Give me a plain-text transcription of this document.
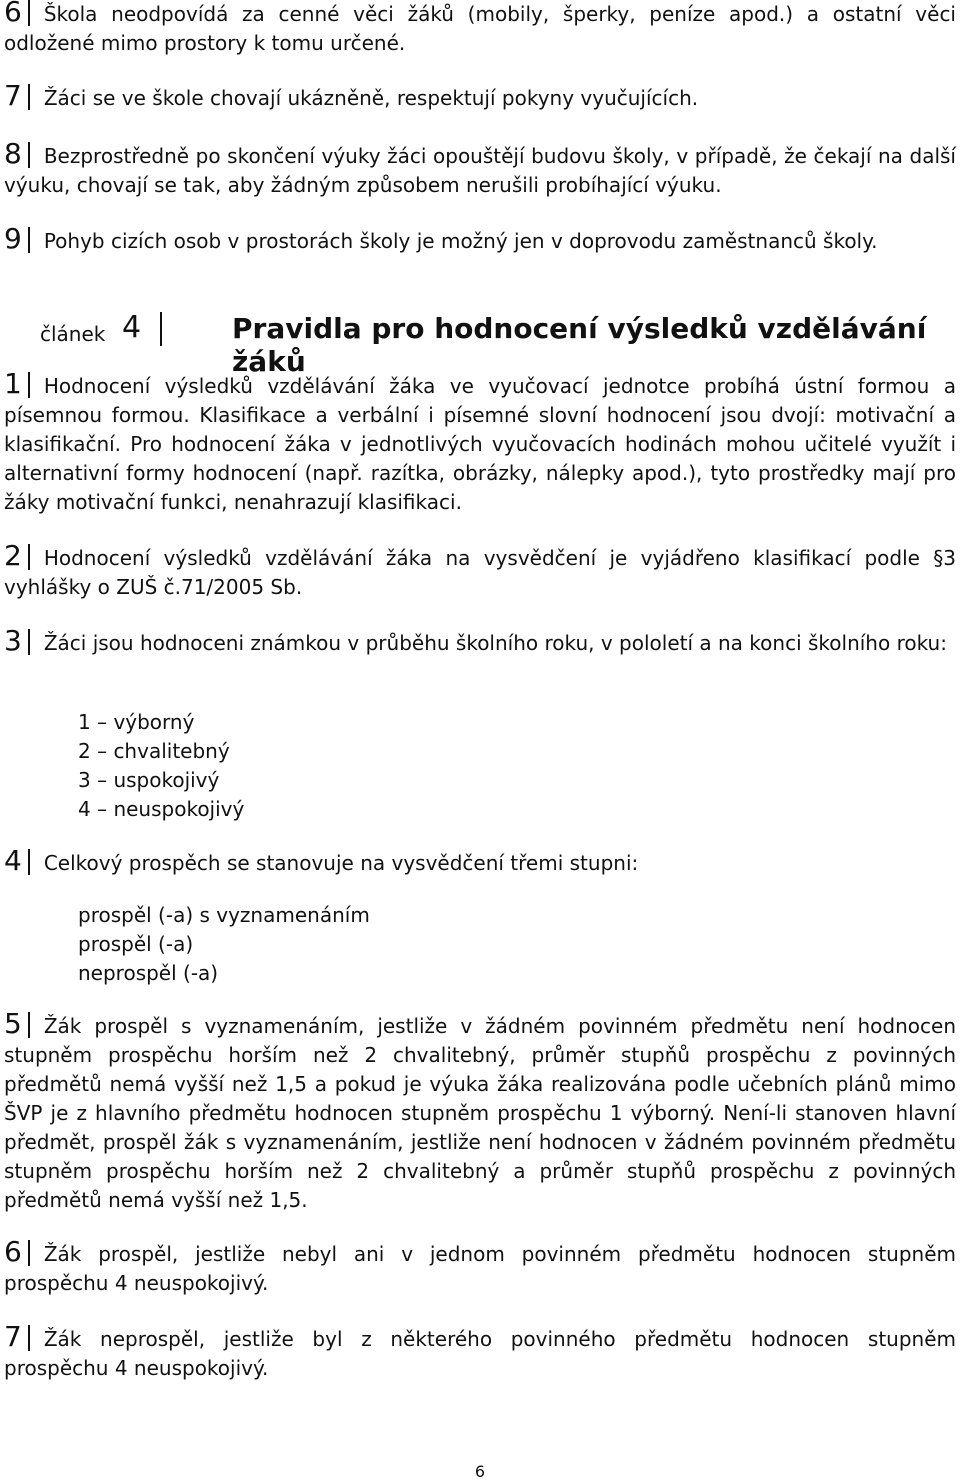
6 Škola neodpovídá za cenné věci žáků (mobily, šperky, peníze apod.) a ostatní věci odložené mimo prostory k tomu určené.

7 Žáci se ve škole chovají ukázněně, respektují pokyny vyučujících.

8 Bezprostředně po skončení výuky žáci opouštějí budovu školy, v případě, že čekají na další výuku, chovají se tak, aby žádným způsobem nerušili probíhající výuku.

9 Pohyb cizích osob v prostorách školy je možný jen v doprovodu zaměstnanců školy.

článek 4	Pravidla pro hodnocení výsledků vzdělávání žáků

1 Hodnocení výsledků vzdělávání žáka ve vyučovací jednotce probíhá ústní formou a písemnou formou. Klasifikace a verbální i písemné slovní hodnocení jsou dvojí: motivační a klasifikační. Pro hodnocení žáka v jednotlivých vyučovacích hodinách mohou učitelé využít i alternativní formy hodnocení (např. razítka, obrázky, nálepky apod.), tyto prostředky mají pro žáky motivační funkci, nenahrazují klasifikaci.

2 Hodnocení výsledků vzdělávání žáka na vysvědčení je vyjádřeno klasifikací podle §3 vyhlášky o ZUŠ č.71/2005 Sb.

3 Žáci jsou hodnoceni známkou v průběhu školního roku, v pololetí a na konci školního roku:

1 – výborný
2 – chvalitebný
3 – uspokojivý
4 – neuspokojivý

4 Celkový prospěch se stanovuje na vysvědčení třemi stupni:

prospěl (-a) s vyznamenáním
prospěl (-a)
neprospěl (-a)

5 Žák prospěl s vyznamenáním, jestliže v žádném povinném předmětu není hodnocen stupněm prospěchu horším než 2 chvalitebný, průměr stupňů prospěchu z povinných předmětů nemá vyšší než 1,5 a pokud je výuka žáka realizována podle učebních plánů mimo ŠVP je z hlavního předmětu hodnocen stupněm prospěchu 1 výborný. Není-li stanoven hlavní předmět, prospěl žák s vyznamenáním, jestliže není hodnocen v žádném povinném předmětu stupněm prospěchu horším než 2 chvalitebný a průměr stupňů prospěchu z povinných předmětů nemá vyšší než 1,5.

6 Žák prospěl, jestliže nebyl ani v jednom povinném předmětu hodnocen stupněm prospěchu 4 neuspokojivý.

7 Žák neprospěl, jestliže byl z některého povinného předmětu hodnocen stupněm prospěchu 4 neuspokojivý.

6
